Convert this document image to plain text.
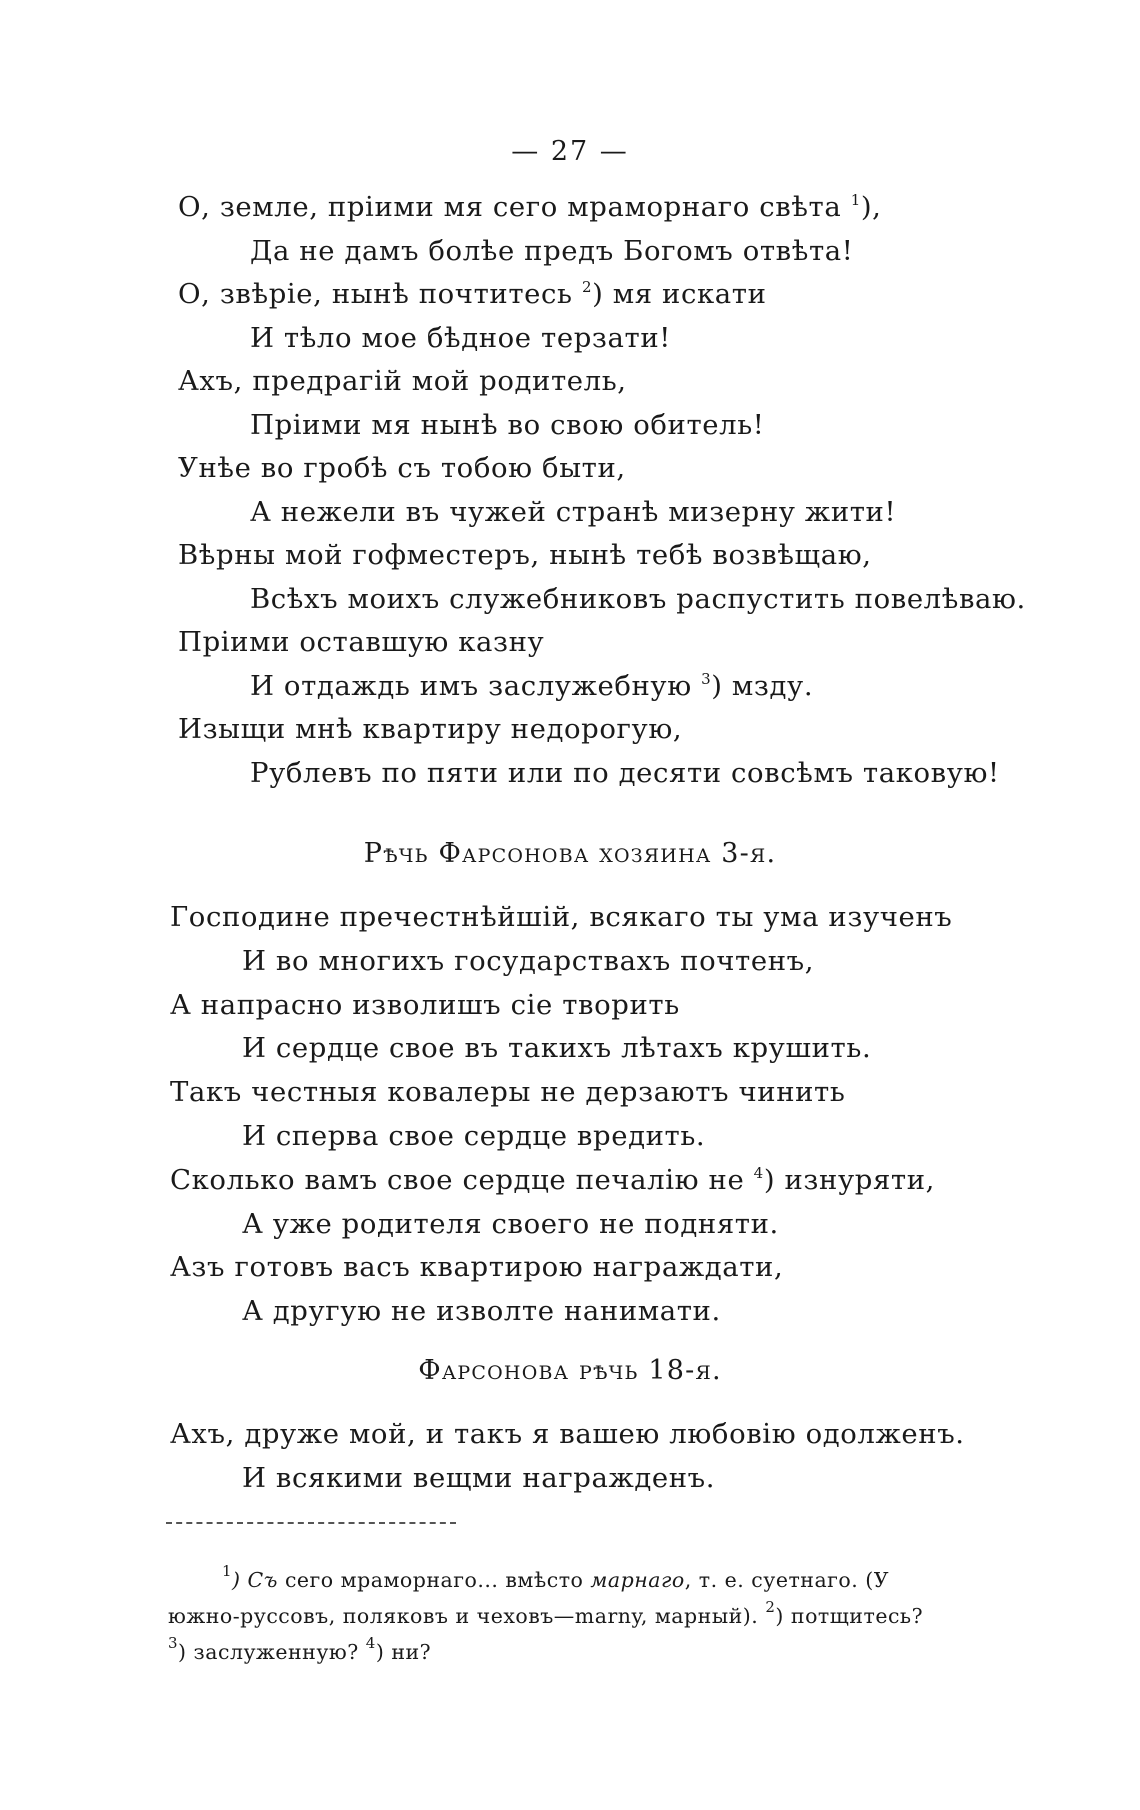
— 27 —
О, земле, пріими мя сего мраморнаго свѣта $^1$),
Да не дамъ болѣе предъ Богомъ отвѣта!
О, звѣріе, нынѣ почтитесь $^2$) мя искати
И тѣло мое бѣдное терзати!
Ахъ, предрагій мой родитель,
Пріими мя нынѣ во свою обитель!
Унѣе во гробѣ съ тобою быти,
А нежели въ чужей странѣ мизерну жити!
Вѣрны мой гофместеръ, нынѣ тебѣ возвѣщаю,
Всѣхъ моихъ служебниковъ распустить повелѣваю.
Пріими оставшую казну
И отдаждь имъ заслужебную $^3$) мзду.
Изыщи мнѣ квартиру недорогую,
Рублевъ по пяти или по десяти совсѣмъ таковую!
Рѣчь Фарсонова хозяина 3-я.
Господине пречестнѣйшій, всякаго ты ума изученъ
И во многихъ государствахъ почтенъ,
А напрасно изволишъ сіе творить
И сердце свое въ такихъ лѣтахъ крушить.
Такъ честныя ковалеры не дерзаютъ чинить
И сперва свое сердце вредить.
Сколько вамъ свое сердце печалію не $^4$) изнуряти,
А уже родителя своего не подняти.
Азъ готовъ васъ квартирою награждати,
А другую не изволте нанимати.
Фарсонова рѣчь 18-я.
Ахъ, друже мой, и такъ я вашею любовію одолженъ.
И всякими вещми награжденъ.
$^1$) Съ сего мраморнаго... вмѣсто марнаго, т. е. суетнаго. (У
южно-руссовъ, поляковъ и чеховъ—marny, марный). $^2$) потщитесь?
$^3$) заслуженную? $^4$) ни?
